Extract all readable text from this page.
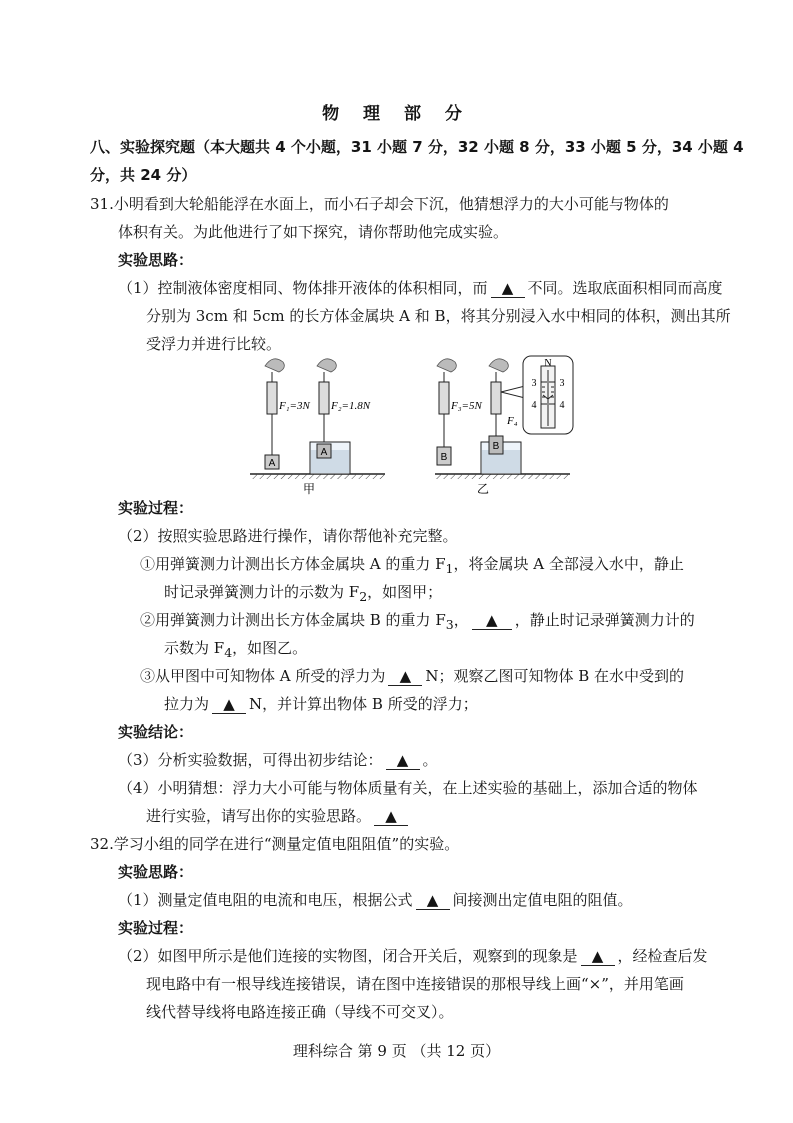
物 理 部 分
八、实验探究题（本大题共 4 个小题，31 小题 7 分，32 小题 8 分，33 小题 5 分，34 小题 4
分，共 24 分）
31.小明看到大轮船能浮在水面上，而小石子却会下沉，他猜想浮力的大小可能与物体的
体积有关。为此他进行了如下探究，请你帮助他完成实验。
实验思路：
（1）控制液体密度相同、物体排开液体的体积相同，而 ▲ 不同。选取底面积相同而高度
分别为 3cm 和 5cm 的长方体金属块 A 和 B，将其分别浸入水中相同的体积，测出其所
受浮力并进行比较。
A
F₁=3N
A
F₂=1.8N
甲
B
F₃=5N
B
F₄
N
3 3
4 4
乙
实验过程：
（2）按照实验思路进行操作，请你帮他补充完整。
①用弹簧测力计测出长方体金属块 A 的重力 $F_1$，将金属块 A 全部浸入水中，静止
时记录弹簧测力计的示数为 $F_2$，如图甲；
②用弹簧测力计测出长方体金属块 B 的重力 $F_3$， ▲ ，静止时记录弹簧测力计的
示数为 $F_4$，如图乙。
③从甲图中可知物体 A 所受的浮力为 ▲ N；观察乙图可知物体 B 在水中受到的
拉力为 ▲ N，并计算出物体 B 所受的浮力；
实验结论：
（3）分析实验数据，可得出初步结论： ▲ 。
（4）小明猜想：浮力大小可能与物体质量有关，在上述实验的基础上，添加合适的物体
进行实验，请写出你的实验思路。 ▲
32.学习小组的同学在进行“测量定值电阻阻值”的实验。
实验思路：
（1）测量定值电阻的电流和电压，根据公式 ▲ 间接测出定值电阻的阻值。
实验过程：
（2）如图甲所示是他们连接的实物图，闭合开关后，观察到的现象是 ▲ ，经检查后发
现电路中有一根导线连接错误，请在图中连接错误的那根导线上画“×”，并用笔画
线代替导线将电路连接正确（导线不可交叉）。
理科综合 第 9 页 （共 12 页）
